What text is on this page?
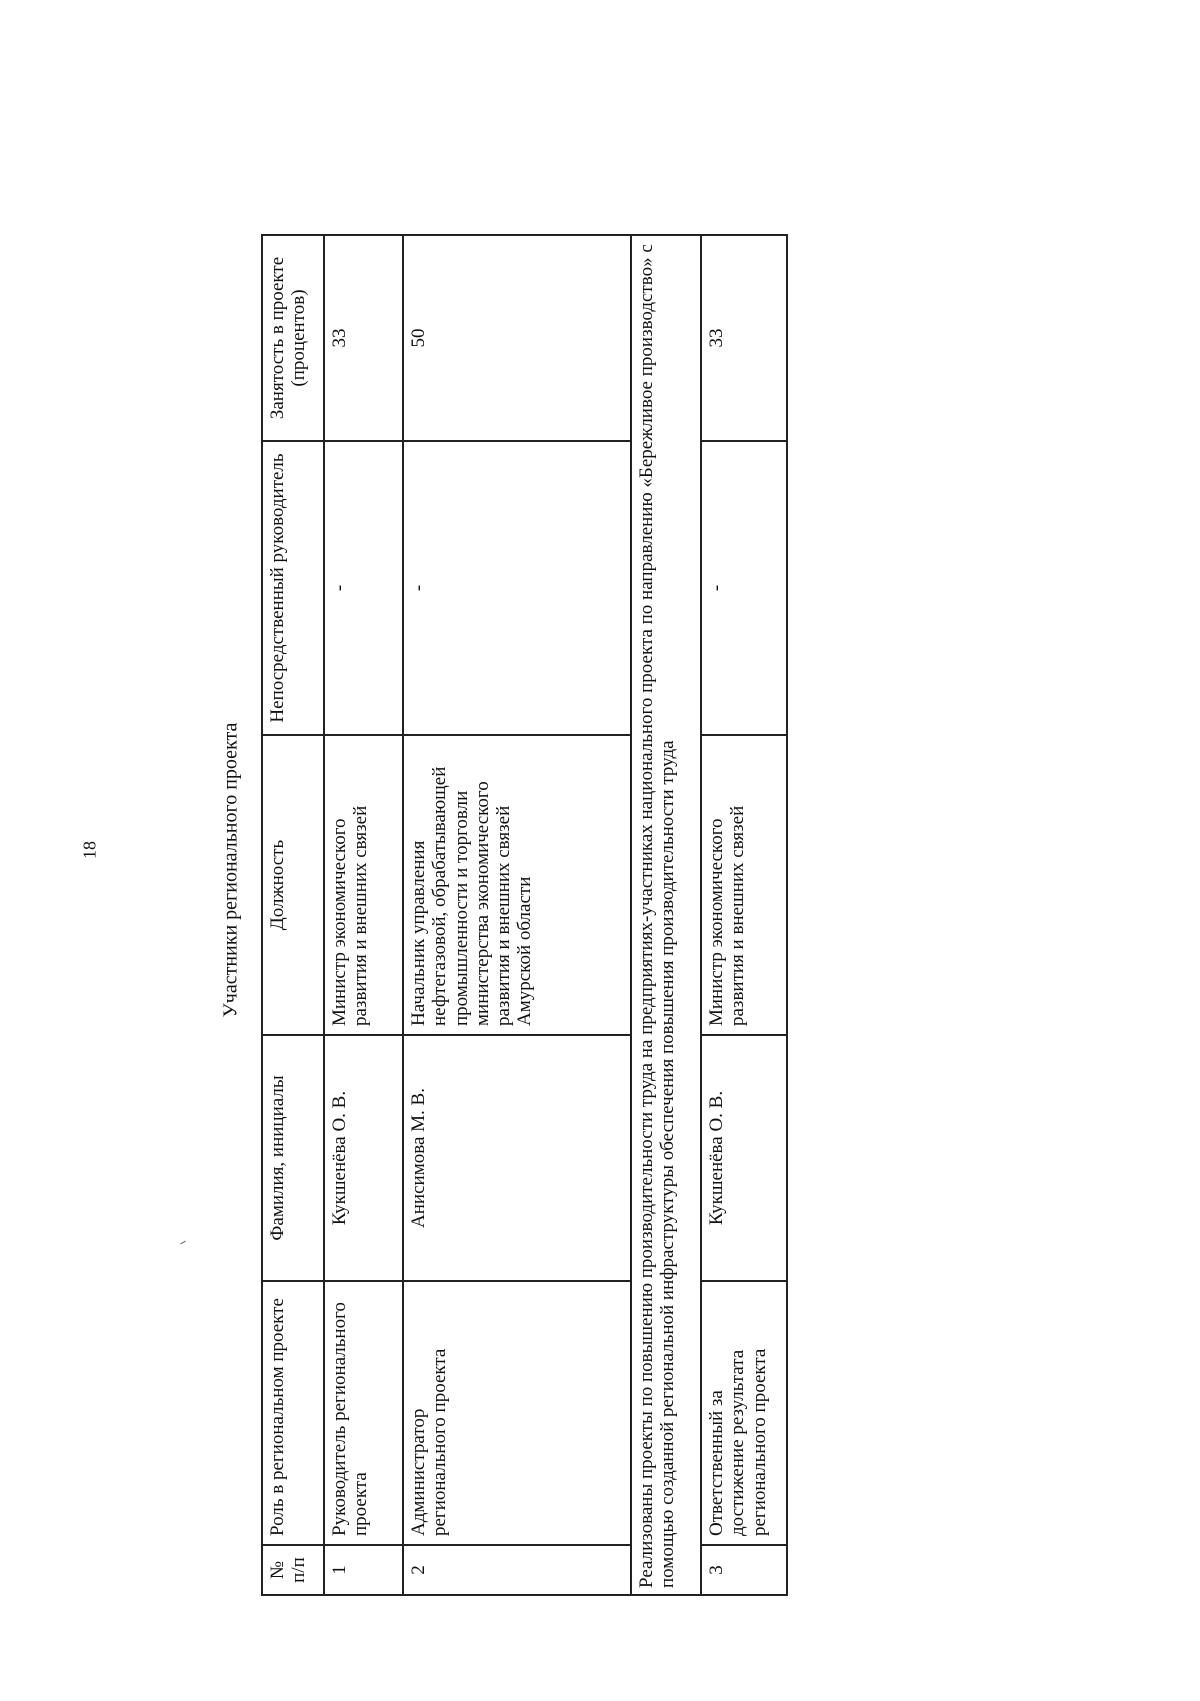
18	Участники регионального проекта
№ п/п	Роль в региональном проекте	Фамилия, инициалы	Должность	Непосредственный руководитель	Занятость в проекте (процентов)
1	Руководитель регионального проекта	Кукшенёва О. В.	Министр экономического развития и внешних связей	-	33
2	Администратор регионального проекта	Анисимова М. В.	Начальник управления нефтегазовой, обрабатывающей промышленности и торговли министерства экономического развития и внешних связей Амурской области	-	50
Реализованы проекты по повышению производительности труда на предприятиях-участниках национального проекта по направлению «Бережливое производство» с помощью созданной региональной инфраструктуры обеспечения повышения производительности труда					
3	Ответственный за достижение результата регионального проекта	Кукшенёва О. В.	Министр экономического развития и внешних связей	-	33
